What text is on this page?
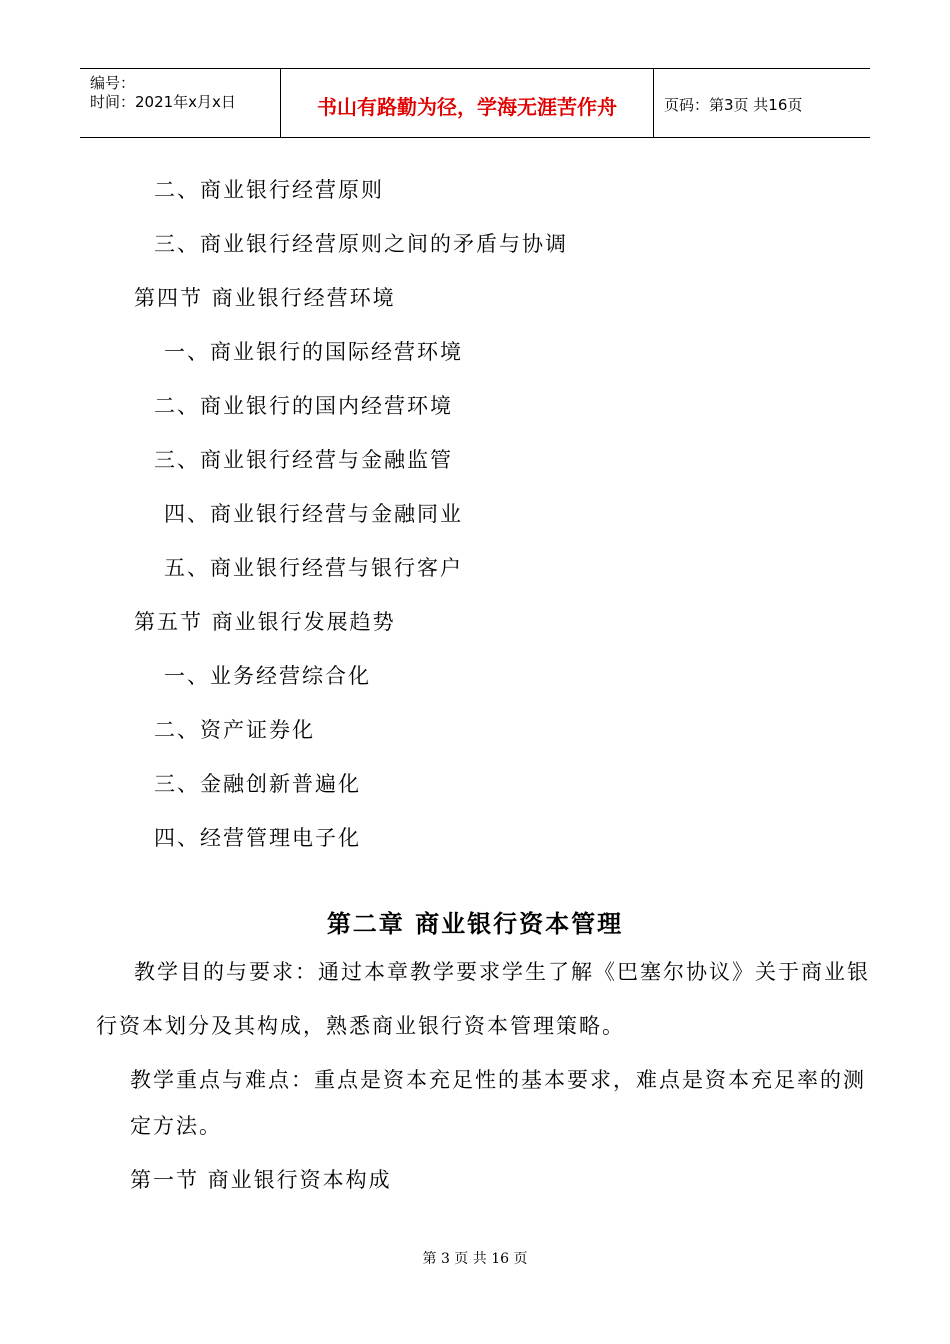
编号：
时间：2021年x月x日	书山有路勤为径，学海无涯苦作舟	页码：第3页 共16页
二、商业银行经营原则
三、商业银行经营原则之间的矛盾与协调
第四节 商业银行经营环境
一、商业银行的国际经营环境
二、商业银行的国内经营环境
三、商业银行经营与金融监管
四、商业银行经营与金融同业
五、商业银行经营与银行客户
第五节 商业银行发展趋势
一、业务经营综合化
二、资产证券化
三、金融创新普遍化
四、经营管理电子化
第二章 商业银行资本管理
教学目的与要求：通过本章教学要求学生了解《巴塞尔协议》关于商业银
行资本划分及其构成，熟悉商业银行资本管理策略。
教学重点与难点：重点是资本充足性的基本要求，难点是资本充足率的测
定方法。
第一节 商业银行资本构成
第 3 页 共 16 页
